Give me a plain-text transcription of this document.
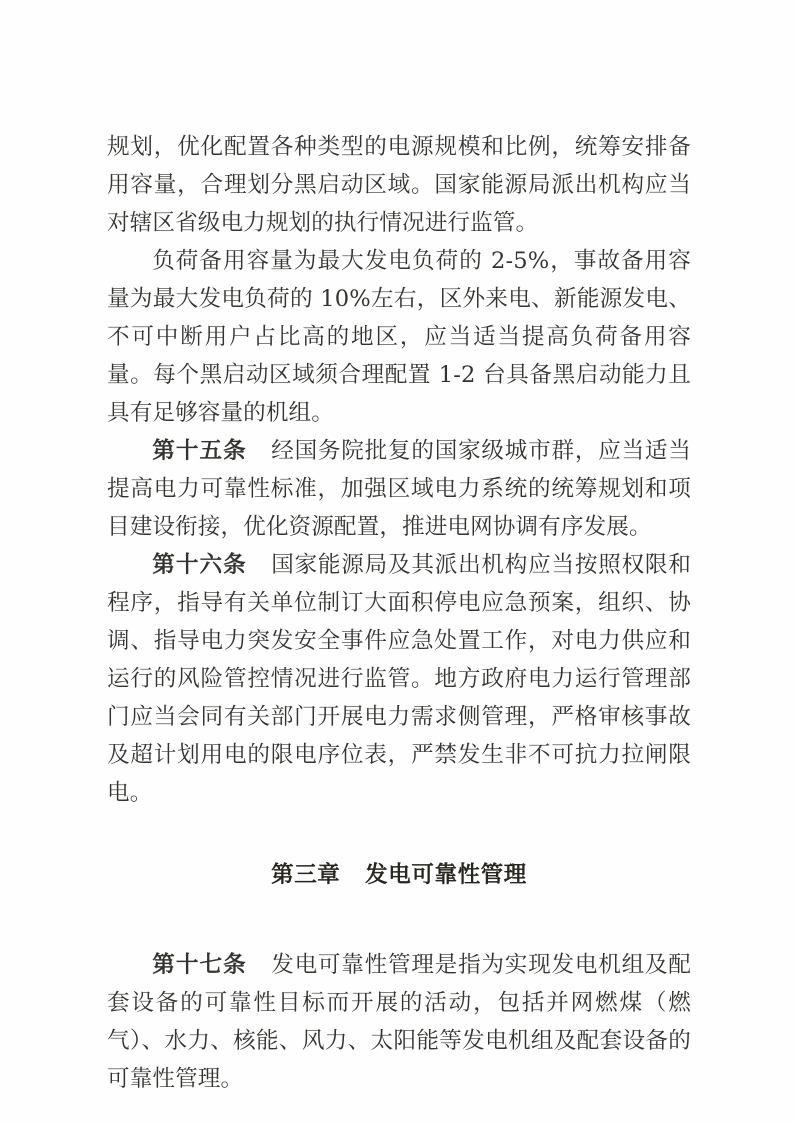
规划，优化配置各种类型的电源规模和比例，统筹安排备用容量，合理划分黑启动区域。国家能源局派出机构应当对辖区省级电力规划的执行情况进行监管。

负荷备用容量为最大发电负荷的 2-5%，事故备用容量为最大发电负荷的 10%左右，区外来电、新能源发电、不可中断用户占比高的地区，应当适当提高负荷备用容量。每个黑启动区域须合理配置 1-2 台具备黑启动能力且具有足够容量的机组。

第十五条 经国务院批复的国家级城市群，应当适当提高电力可靠性标准，加强区域电力系统的统筹规划和项目建设衔接，优化资源配置，推进电网协调有序发展。

第十六条 国家能源局及其派出机构应当按照权限和程序，指导有关单位制订大面积停电应急预案，组织、协调、指导电力突发安全事件应急处置工作，对电力供应和运行的风险管控情况进行监管。地方政府电力运行管理部门应当会同有关部门开展电力需求侧管理，严格审核事故及超计划用电的限电序位表，严禁发生非不可抗力拉闸限电。

第三章 发电可靠性管理

第十七条 发电可靠性管理是指为实现发电机组及配套设备的可靠性目标而开展的活动，包括并网燃煤（燃气）、水力、核能、风力、太阳能等发电机组及配套设备的可靠性管理。
